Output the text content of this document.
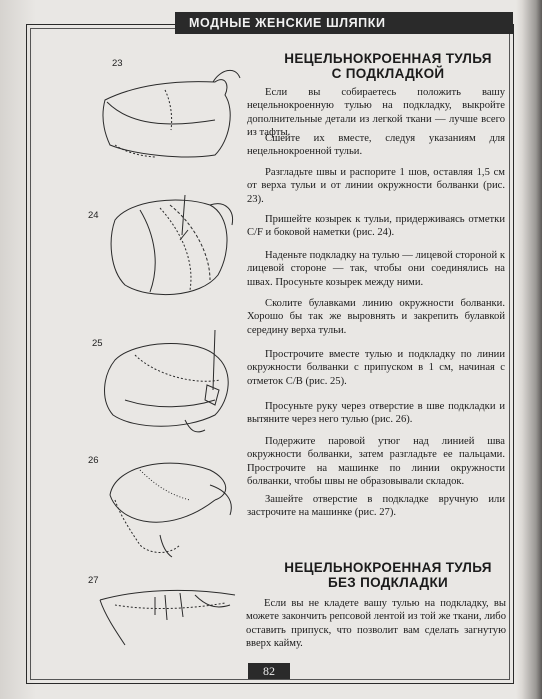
МОДНЫЕ ЖЕНСКИЕ ШЛЯПКИ
23
24
25
26
27
НЕЦЕЛЬНОКРОЕННАЯ ТУЛЬЯ
С ПОДКЛАДКОЙ

Если вы собираетесь положить вашу нецельнокроенную тулью на подкладку, выкройте дополнительные детали из легкой ткани — лучше всего из тафты.

Сшейте их вместе, следуя указаниям для нецельнокроенной тульи.

Разгладьте швы и распорите 1 шов, оставляя 1,5 см от верха тульи и от линии окружности болванки (рис. 23).

Пришейте козырек к тульи, придерживаясь отметки C/F и боковой наметки (рис. 24).

Наденьте подкладку на тулью — лицевой стороной к лицевой стороне — так, чтобы они соединялись на швах. Просуньте козырек между ними.

Сколите булавками линию окружности болванки. Хорошо бы так же выровнять и закрепить булавкой середину верха тульи.

Прострочите вместе тулью и подкладку по линии окружности болванки с припуском в 1 см, начиная с отметок C/B (рис. 25).

Просуньте руку через отверстие в шве подкладки и вытяните через него тулью (рис. 26).

Подержите паровой утюг над линией шва окружности болванки, затем разгладьте ее пальцами. Прострочите на машинке по линии окружности болванки, чтобы швы не образовывали складок.

Зашейте отверстие в подкладке вручную или застрочите на машинке (рис. 27).

НЕЦЕЛЬНОКРОЕННАЯ ТУЛЬЯ
БЕЗ ПОДКЛАДКИ

Если вы не кладете вашу тулью на подкладку, вы можете закончить репсовой лентой из той же ткани, либо оставить припуск, что позволит вам сделать загнутую вверх кайму.

82
